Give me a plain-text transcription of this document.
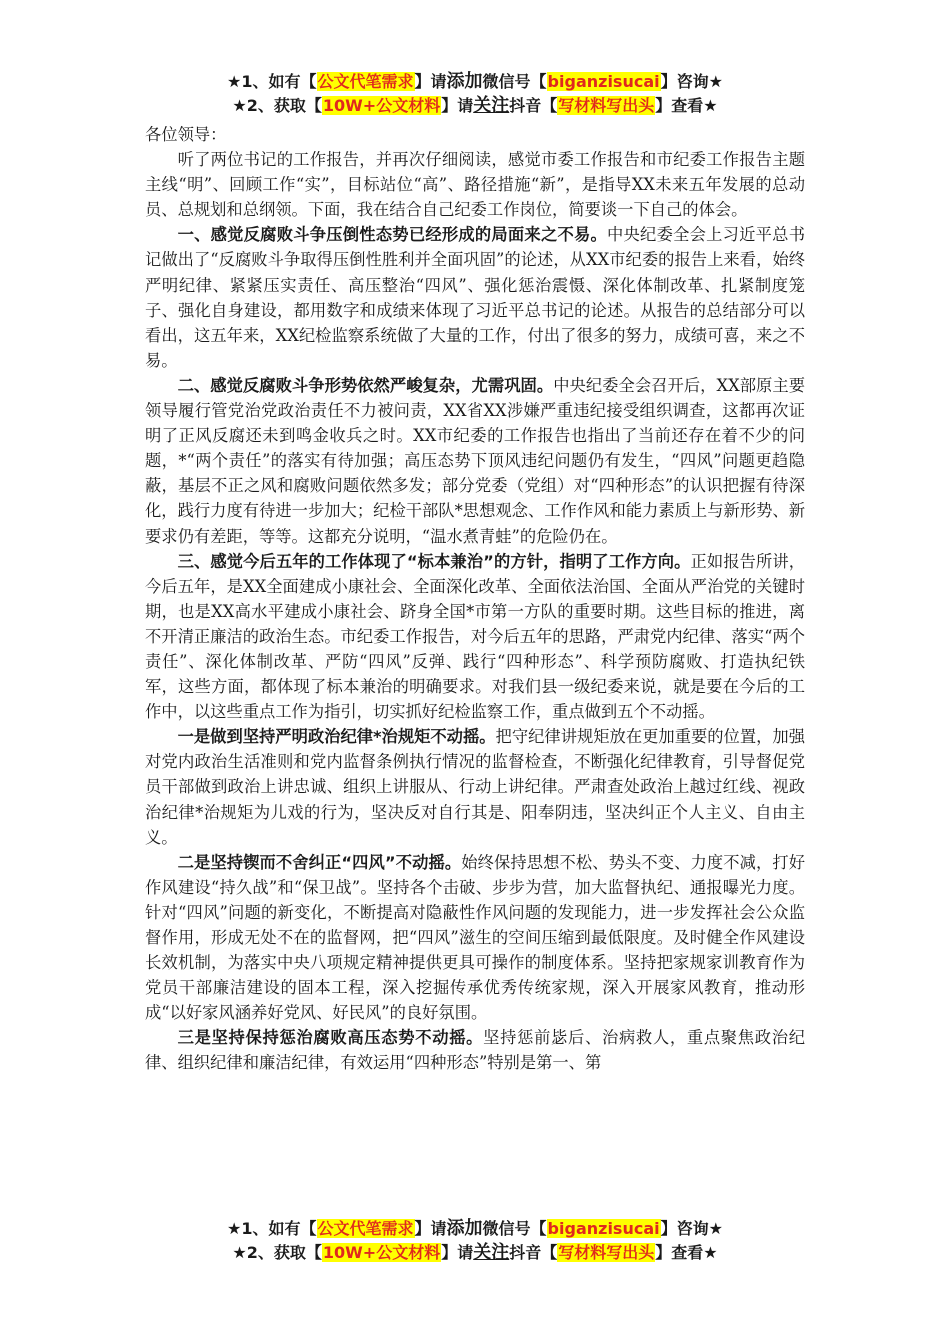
★1、如有【公文代笔需求】请添加微信号【biganzisucai】咨询★
★2、获取【10W+公文材料】请关注抖音【写材料写出头】查看★

各位领导：

听了两位书记的工作报告，并再次仔细阅读，感觉市委工作报告和市纪委工作报告主题主线“明”、回顾工作“实”，目标站位“高”、路径措施“新”，是指导XX未来五年发展的总动员、总规划和总纲领。下面，我在结合自己纪委工作岗位，简要谈一下自己的体会。

一、感觉反腐败斗争压倒性态势已经形成的局面来之不易。中央纪委全会上习近平总书记做出了“反腐败斗争取得压倒性胜利并全面巩固”的论述，从XX市纪委的报告上来看，始终严明纪律、紧紧压实责任、高压整治“四风”、强化惩治震慑、深化体制改革、扎紧制度笼子、强化自身建设，都用数字和成绩来体现了习近平总书记的论述。从报告的总结部分可以看出，这五年来，XX纪检监察系统做了大量的工作，付出了很多的努力，成绩可喜，来之不易。

二、感觉反腐败斗争形势依然严峻复杂，尤需巩固。中央纪委全会召开后，XX部原主要领导履行管党治党政治责任不力被问责，XX省XX涉嫌严重违纪接受组织调查，这都再次证明了正风反腐还未到鸣金收兵之时。XX市纪委的工作报告也指出了当前还存在着不少的问题，*“两个责任”的落实有待加强；高压态势下顶风违纪问题仍有发生，“四风”问题更趋隐蔽，基层不正之风和腐败问题依然多发；部分党委（党组）对“四种形态”的认识把握有待深化，践行力度有待进一步加大；纪检干部队*思想观念、工作作风和能力素质上与新形势、新要求仍有差距，等等。这都充分说明，“温水煮青蛙”的危险仍在。

三、感觉今后五年的工作体现了“标本兼治”的方针，指明了工作方向。正如报告所讲，今后五年，是XX全面建成小康社会、全面深化改革、全面依法治国、全面从严治党的关键时期，也是XX高水平建成小康社会、跻身全国*市第一方队的重要时期。这些目标的推进，离不开清正廉洁的政治生态。市纪委工作报告，对今后五年的思路，严肃党内纪律、落实“两个责任”、深化体制改革、严防“四风”反弹、践行“四种形态”、科学预防腐败、打造执纪铁军，这些方面，都体现了标本兼治的明确要求。对我们县一级纪委来说，就是要在今后的工作中，以这些重点工作为指引，切实抓好纪检监察工作，重点做到五个不动摇。

一是做到坚持严明政治纪律*治规矩不动摇。把守纪律讲规矩放在更加重要的位置，加强对党内政治生活准则和党内监督条例执行情况的监督检查，不断强化纪律教育，引导督促党员干部做到政治上讲忠诚、组织上讲服从、行动上讲纪律。严肃查处政治上越过红线、视政治纪律*治规矩为儿戏的行为，坚决反对自行其是、阳奉阴违，坚决纠正个人主义、自由主义。

二是坚持锲而不舍纠正“四风”不动摇。始终保持思想不松、势头不变、力度不减，打好作风建设“持久战”和“保卫战”。坚持各个击破、步步为营，加大监督执纪、通报曝光力度。针对“四风”问题的新变化，不断提高对隐蔽性作风问题的发现能力，进一步发挥社会公众监督作用，形成无处不在的监督网，把“四风”滋生的空间压缩到最低限度。及时健全作风建设长效机制，为落实中央八项规定精神提供更具可操作的制度体系。坚持把家规家训教育作为党员干部廉洁建设的固本工程，深入挖掘传承优秀传统家规，深入开展家风教育，推动形成“以好家风涵养好党风、好民风”的良好氛围。

三是坚持保持惩治腐败高压态势不动摇。坚持惩前毖后、治病救人，重点聚焦政治纪律、组织纪律和廉洁纪律，有效运用“四种形态”特别是第一、第

★1、如有【公文代笔需求】请添加微信号【biganzisucai】咨询★
★2、获取【10W+公文材料】请关注抖音【写材料写出头】查看★
